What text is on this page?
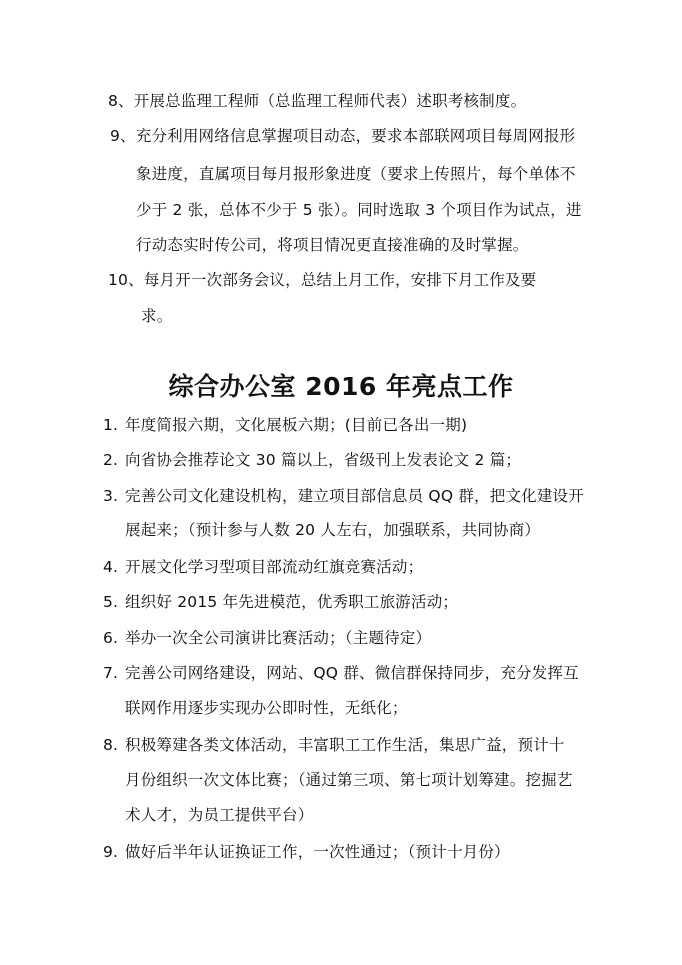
8、开展总监理工程师（总监理工程师代表）述职考核制度。
9、充分利用网络信息掌握项目动态，要求本部联网项目每周网报形
象进度，直属项目每月报形象进度（要求上传照片，每个单体不
少于 2 张，总体不少于 5 张）。同时选取 3 个项目作为试点，进
行动态实时传公司，将项目情况更直接准确的及时掌握。
10、每月开一次部务会议，总结上月工作，安排下月工作及要
求。
综合办公室 2016 年亮点工作
1. 年度简报六期，文化展板六期；(目前已各出一期)
2. 向省协会推荐论文 30 篇以上，省级刊上发表论文 2 篇；
3. 完善公司文化建设机构，建立项目部信息员 QQ 群，把文化建设开
展起来；（预计参与人数 20 人左右，加强联系，共同协商）
4. 开展文化学习型项目部流动红旗竞赛活动；
5. 组织好 2015 年先进模范，优秀职工旅游活动；
6. 举办一次全公司演讲比赛活动；（主题待定）
7. 完善公司网络建设，网站、QQ 群、微信群保持同步，充分发挥互
联网作用逐步实现办公即时性，无纸化；
8. 积极筹建各类文体活动，丰富职工工作生活，集思广益，预计十
月份组织一次文体比赛；（通过第三项、第七项计划筹建。挖掘艺
术人才，为员工提供平台）
9. 做好后半年认证换证工作，一次性通过；（预计十月份）
